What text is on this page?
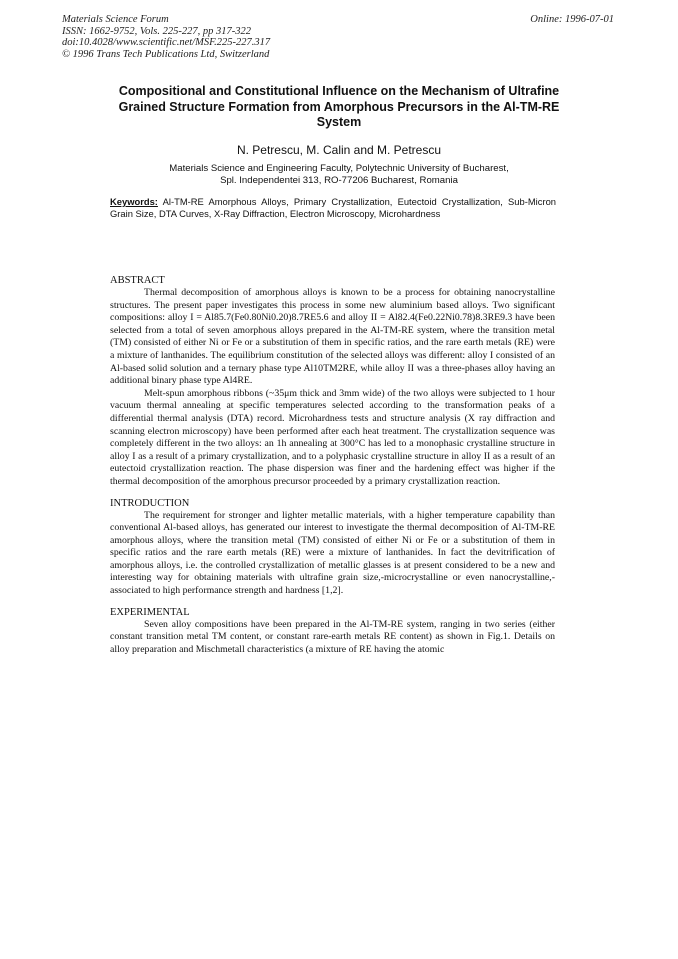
Materials Science Forum
ISSN: 1662-9752, Vols. 225-227, pp 317-322
doi:10.4028/www.scientific.net/MSF.225-227.317
© 1996 Trans Tech Publications Ltd, Switzerland
Online: 1996-07-01
Compositional and Constitutional Influence on the Mechanism of Ultrafine Grained Structure Formation from Amorphous Precursors in the Al-TM-RE System
N. Petrescu, M. Calin and M. Petrescu
Materials Science and Engineering Faculty, Polytechnic University of Bucharest,
Spl. Independentei 313, RO-77206 Bucharest, Romania
Keywords: Al-TM-RE Amorphous Alloys, Primary Crystallization, Eutectoid Crystallization, Sub-Micron Grain Size, DTA Curves, X-Ray Diffraction, Electron Microscopy, Microhardness
ABSTRACT

Thermal decomposition of amorphous alloys is known to be a process for obtaining nanocrystalline structures. The present paper investigates this process in some new aluminium based alloys. Two significant compositions: alloy I = Al85.7(Fe0.80Ni0.20)8.7RE5.6 and alloy II = Al82.4(Fe0.22Ni0.78)8.3RE9.3 have been selected from a total of seven amorphous alloys prepared in the Al-TM-RE system, where the transition metal (TM) consisted of either Ni or Fe or a substitution of them in specific ratios, and the rare earth metals (RE) were a mixture of lanthanides. The equilibrium constitution of the selected alloys was different: alloy I consisted of an Al-based solid solution and a ternary phase type Al10TM2RE, while alloy II was a three-phases alloy having an additional binary phase type Al4RE.

Melt-spun amorphous ribbons (~35μm thick and 3mm wide) of the two alloys were subjected to 1 hour vacuum thermal annealing at specific temperatures selected according to the transformation peaks of a differential thermal analysis (DTA) record. Microhardness tests and structure analysis (X ray diffraction and scanning electron microscopy) have been performed after each heat treatment. The crystallization sequence was completely different in the two alloys: an 1h annealing at 300°C has led to a monophasic crystalline structure in alloy I as a result of a primary crystallization, and to a polyphasic crystalline structure in alloy II as a result of an eutectoid crystallization reaction. The phase dispersion was finer and the hardening effect was higher if the thermal decomposition of the amorphous precursor proceeded by a primary crystallization reaction.

INTRODUCTION

The requirement for stronger and lighter metallic materials, with a higher temperature capability than conventional Al-based alloys, has generated our interest to investigate the thermal decomposition of Al-TM-RE amorphous alloys, where the transition metal (TM) consisted of either Ni or Fe or a substitution of them in specific ratios and the rare earth metals (RE) were a mixture of lanthanides. In fact the devitrification of amorphous alloys, i.e. the controlled crystallization of metallic glasses is at present considered to be a new and interesting way for obtaining materials with ultrafine grain size,-microcrystalline or even nanocrystalline,- associated to high performance strength and hardness [1,2].

EXPERIMENTAL

Seven alloy compositions have been prepared in the Al-TM-RE system, ranging in two series (either constant transition metal TM content, or constant rare-earth metals RE content) as shown in Fig.1. Details on alloy preparation and Mischmetall characteristics (a mixture of RE having the atomic
